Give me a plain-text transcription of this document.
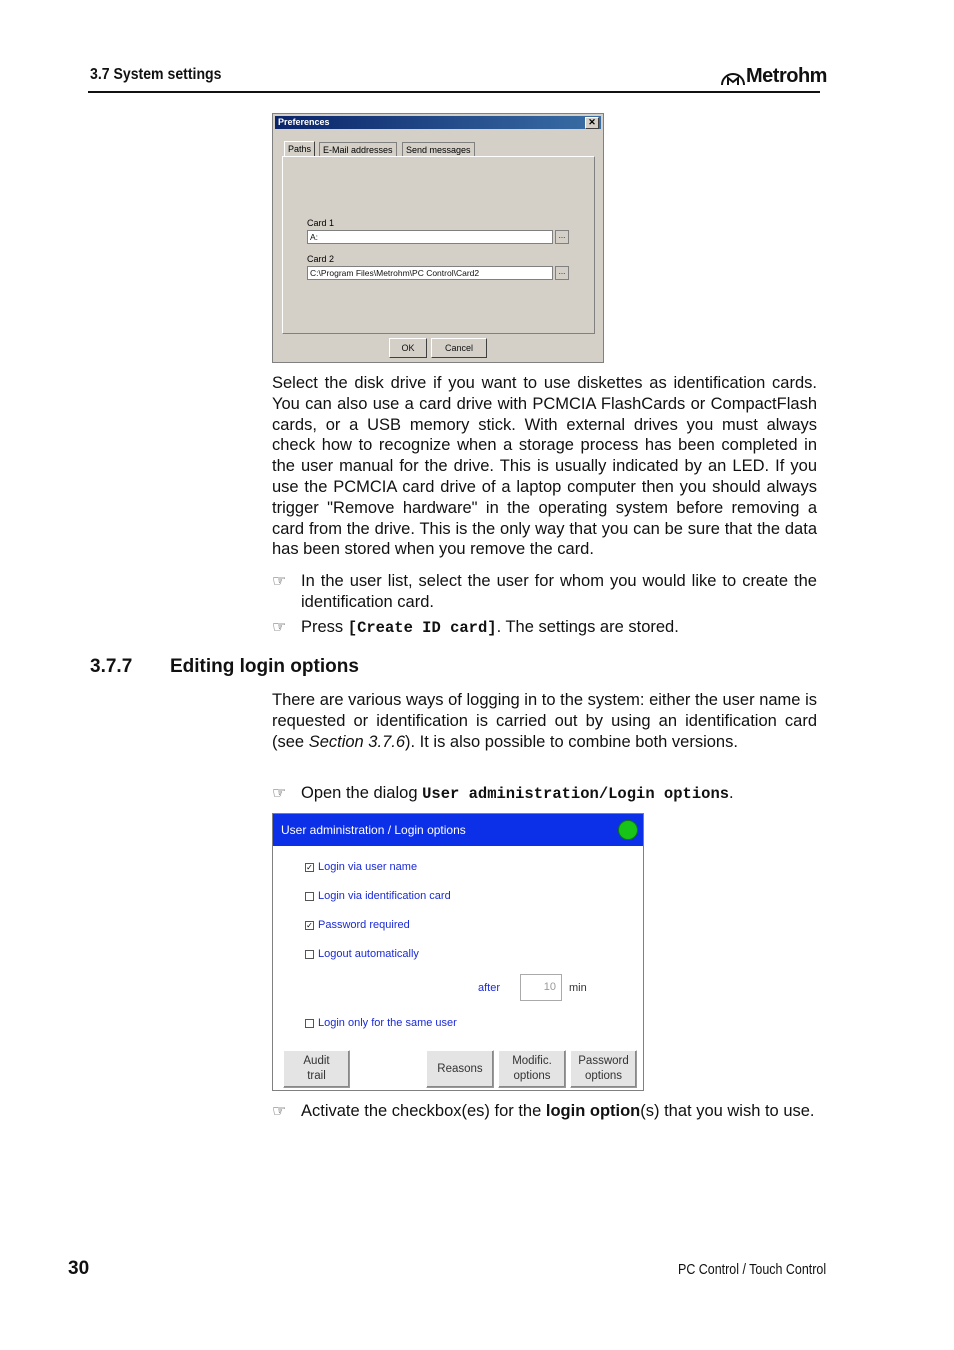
3.7 System settings	Metrohm
Preferences	✕
Paths	E-Mail addresses	Send messages
Card 1
A:	...
Card 2
C:\Program Files\Metrohm\PC Control\Card2	...
OK	Cancel
Select the disk drive if you want to use diskettes as identification cards. You can also use a card drive with PCMCIA FlashCards or CompactFlash cards, or a USB memory stick. With external drives you must always check how to recognize when a storage process has been completed in the user manual for the drive. This is usually indicated by an LED. If you use the PCMCIA card drive of a laptop computer then you should always trigger "Remove hardware" in the operating system before removing a card from the drive. This is the only way that you can be sure that the data has been stored when you remove the card.
☞ In the user list, select the user for whom you would like to create the identification card.
☞ Press [Create ID card]. The settings are stored.
3.7.7 Editing login options
There are various ways of logging in to the system: either the user name is requested or identification is carried out by using an identification card (see Section 3.7.6). It is also possible to combine both versions.
☞ Open the dialog User administration/Login options.
User administration / Login options
✓ Login via user name
Login via identification card
✓ Password required
Logout automatically
after	10	min
Login only for the same user
Audit
trail
Reasons
Modific.
options
Password
options
☞ Activate the checkbox(es) for the login option(s) that you wish to use.
30	PC Control / Touch Control
